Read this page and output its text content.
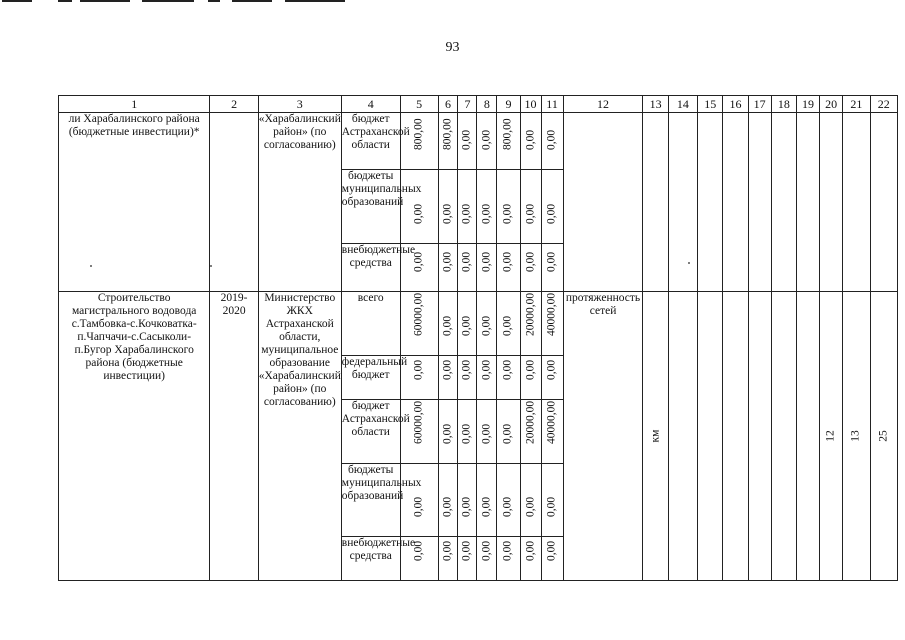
93
1	2	3	4	5	6	7	8	9	10	11	12	13	14	15	16	17	18	19	20	21	22
ли Харабалинского района (бюджетные инвестиции)*		«Харабалинский район» (по согласованию)	бюджет Астраханской области	800,00	800,00	0,00	0,00	800,00	0,00	0,00											

			бюджеты муниципальных образований	0,00	0,00	0,00	0,00	0,00	0,00	0,00											

			внебюджетные средства	0,00	0,00	0,00	0,00	0,00	0,00	0,00											

Строительство магистрального водовода с.Тамбовка-с.Кочковатка-п.Чапчачи-с.Сасыколи-п.Бугор Харабалинского района (бюджетные инвестиции)	2019-2020	Министерство ЖКХ Астраханской области, муниципальное образование «Харабалинский район» (по согласованию)	всего	60000,00	0,00	0,00	0,00	0,00	20000,00	40000,00	протяженность сетей	км							12	13	25

			федеральный бюджет	0,00	0,00	0,00	0,00	0,00	0,00	0,00											

			бюджет Астраханской области	60000,00	0,00	0,00	0,00	0,00	20000,00	40000,00											

			бюджеты муниципальных образований	0,00	0,00	0,00	0,00	0,00	0,00	0,00											

			внебюджетные средства	0,00	0,00	0,00	0,00	0,00	0,00	0,00											
